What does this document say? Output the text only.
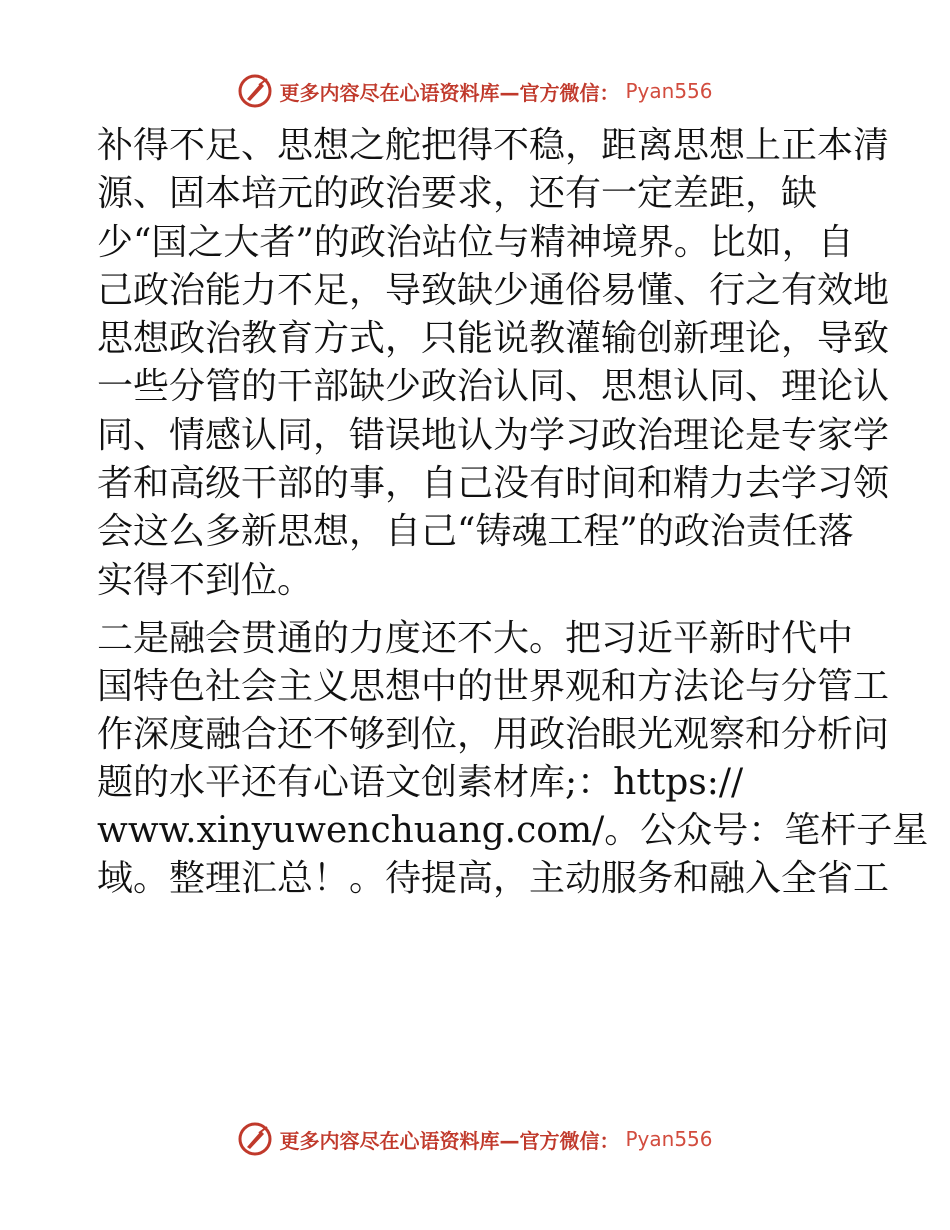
更多内容尽在心语资料库—官方微信： Pyan556

补得不足、思想之舵把得不稳，距离思想上正本清
源、固本培元的政治要求，还有一定差距，缺
少“国之大者”的政治站位与精神境界。比如，自
己政治能力不足，导致缺少通俗易懂、行之有效地
思想政治教育方式，只能说教灌输创新理论，导致
一些分管的干部缺少政治认同、思想认同、理论认
同、情感认同，错误地认为学习政治理论是专家学
者和高级干部的事，自己没有时间和精力去学习领
会这么多新思想，自己“铸魂工程”的政治责任落
实得不到位。

二是融会贯通的力度还不大。把习近平新时代中
国特色社会主义思想中的世界观和方法论与分管工
作深度融合还不够到位，用政治眼光观察和分析问
题的水平还有心语文创素材库;：https://
www.xinyuwenchuang.com/。公众号：笔杆子星
域。整理汇总！。待提高，主动服务和融入全省工

更多内容尽在心语资料库—官方微信： Pyan556
